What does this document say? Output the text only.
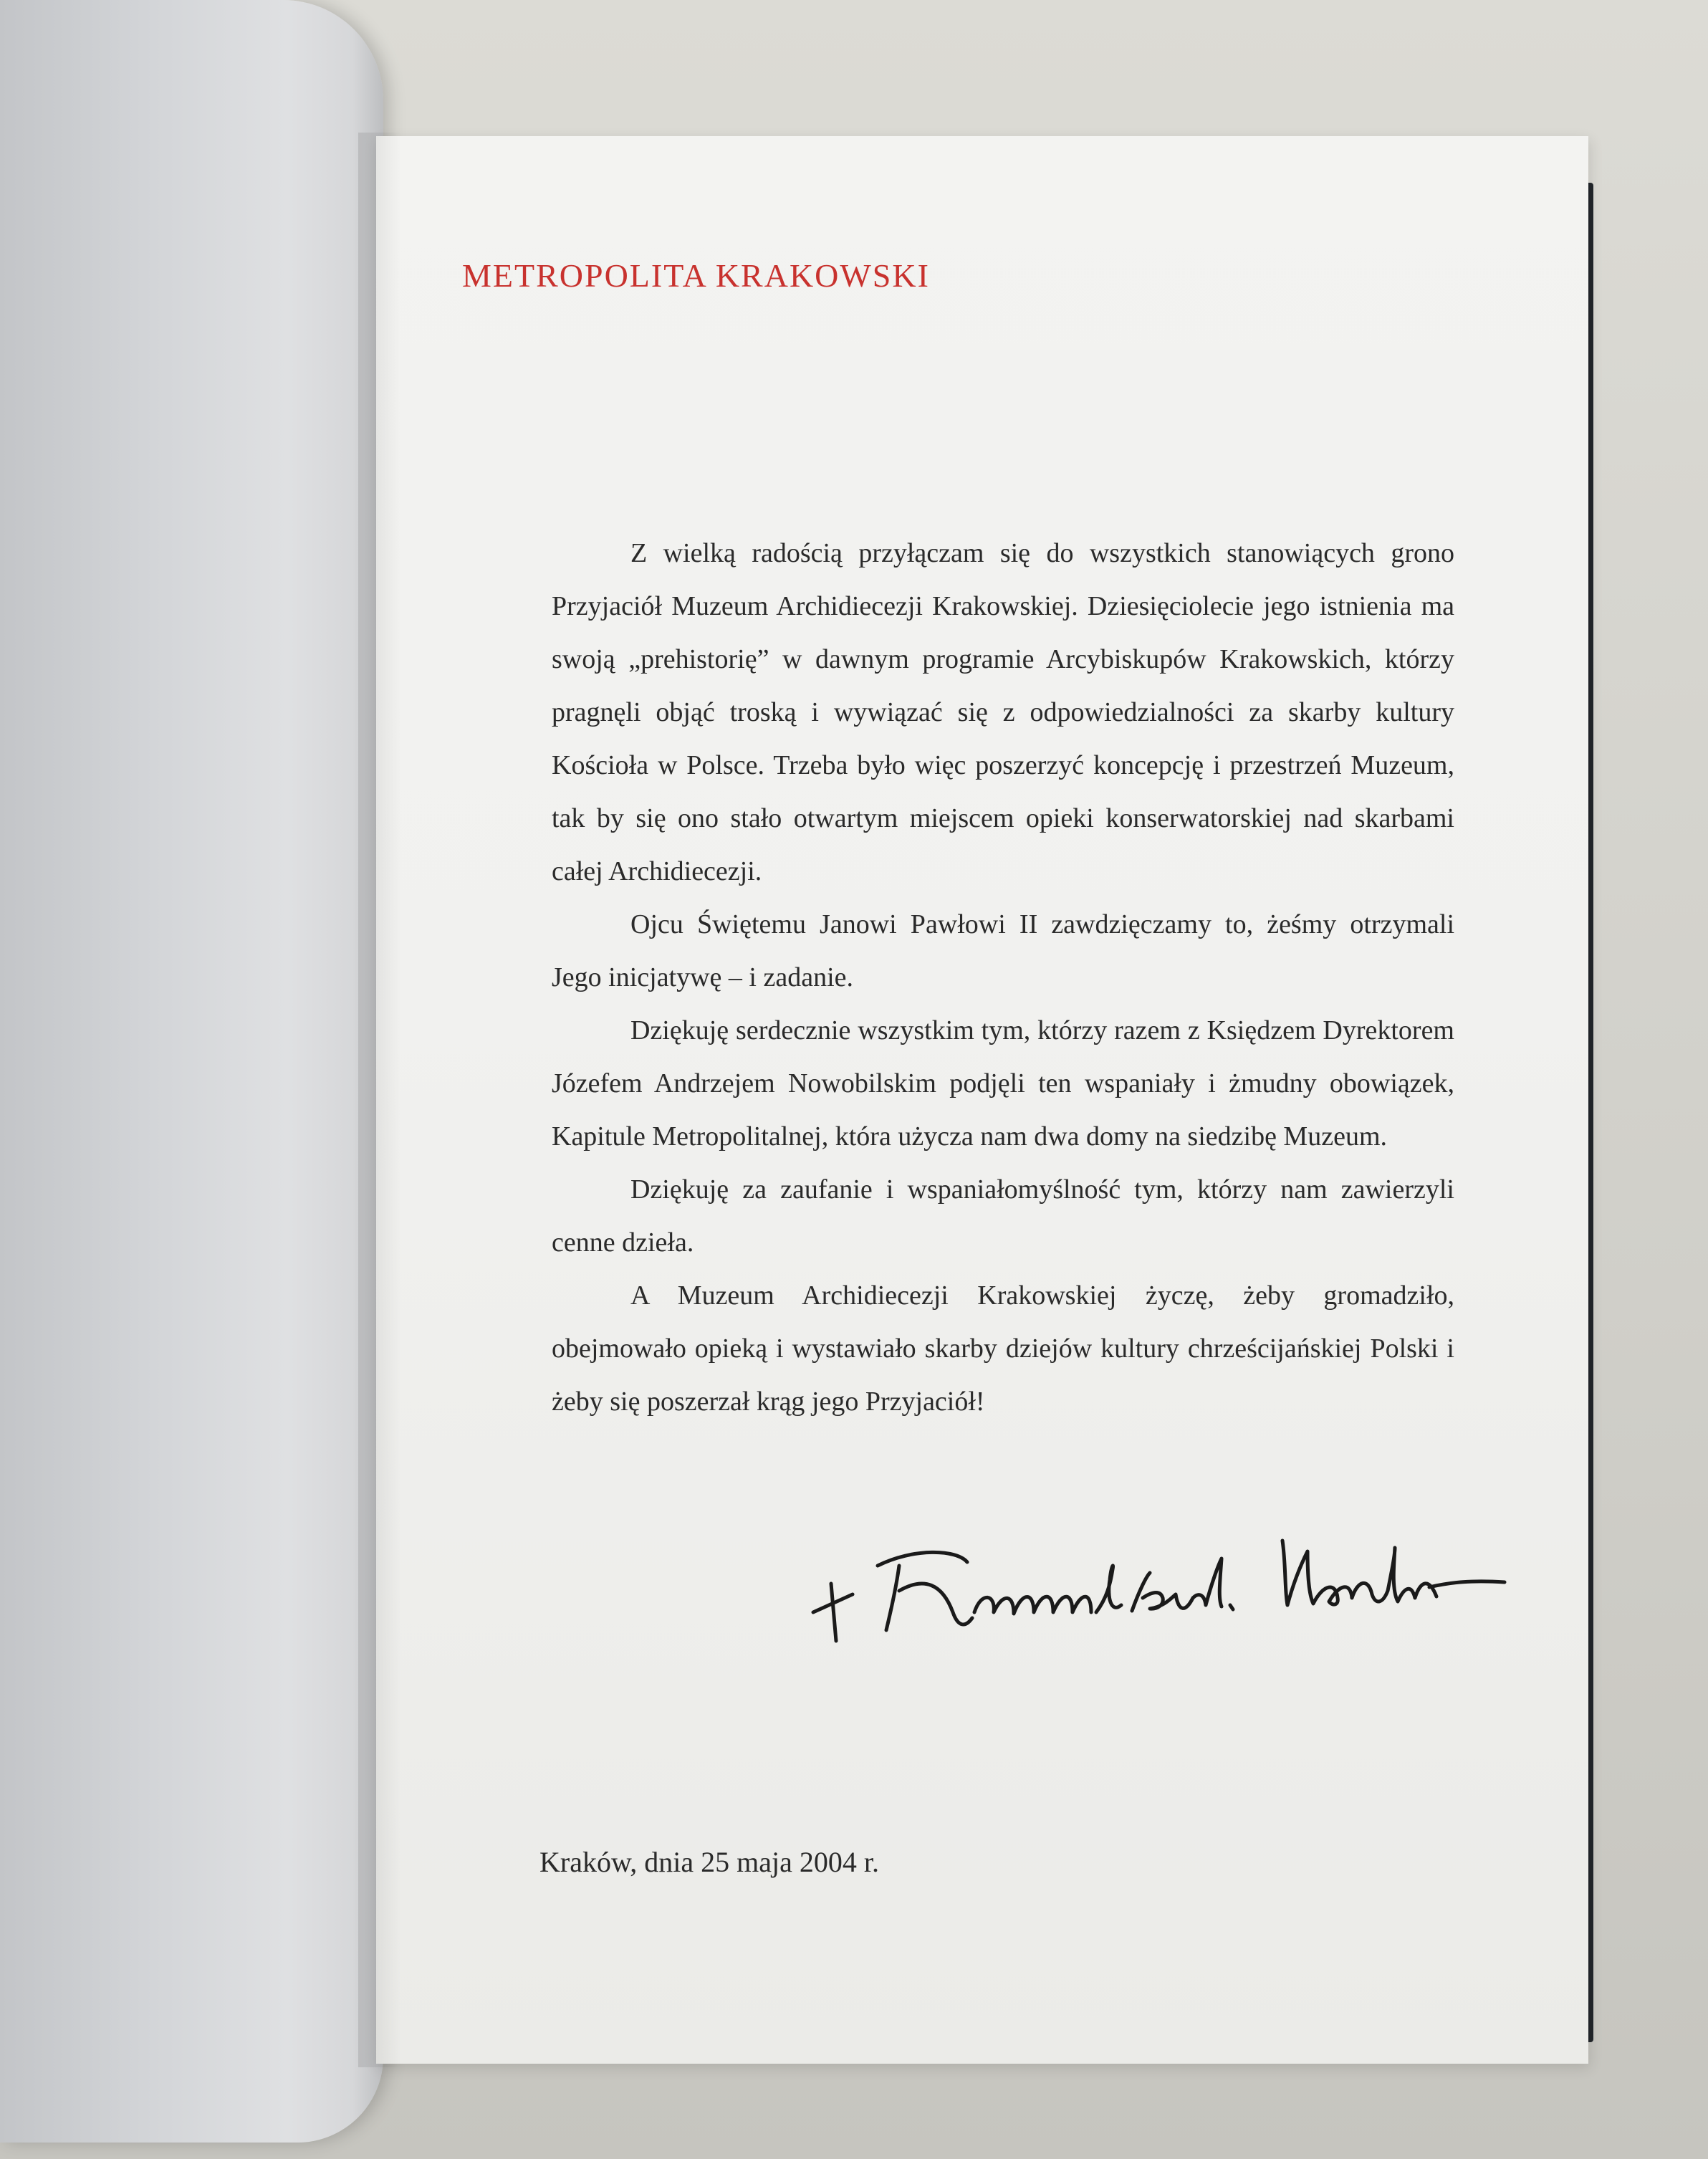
METROPOLITA KRAKOWSKI

Z wielką radością przyłączam się do wszystkich stanowiących grono Przyjaciół Muzeum Archidiecezji Krakowskiej. Dziesięciolecie jego istnienia ma swoją „prehistorię” w dawnym programie Arcybiskupów Krakowskich, którzy pragnęli objąć troską i wywiązać się z odpowiedzialności za skarby kultury Kościoła w Polsce. Trzeba było więc poszerzyć koncepcję i przestrzeń Muzeum, tak by się ono stało otwartym miejscem opieki konserwatorskiej nad skarbami całej Archidiecezji.

Ojcu Świętemu Janowi Pawłowi II zawdzięczamy to, żeśmy otrzymali Jego inicjatywę – i zadanie.

Dziękuję serdecznie wszystkim tym, którzy razem z Księdzem Dyrektorem Józefem Andrzejem Nowobilskim podjęli ten wspaniały i żmudny obowiązek, Kapitule Metropolitalnej, która użycza nam dwa domy na siedzibę Muzeum.

Dziękuję za zaufanie i wspaniałomyślność tym, którzy nam zawierzyli cenne dzieła.

A Muzeum Archidiecezji Krakowskiej życzę, żeby gromadziło, obejmowało opieką i wystawiało skarby dziejów kultury chrześcijańskiej Polski i żeby się poszerzał krąg jego Przyjaciół!

Kraków, dnia 25 maja 2004 r.
